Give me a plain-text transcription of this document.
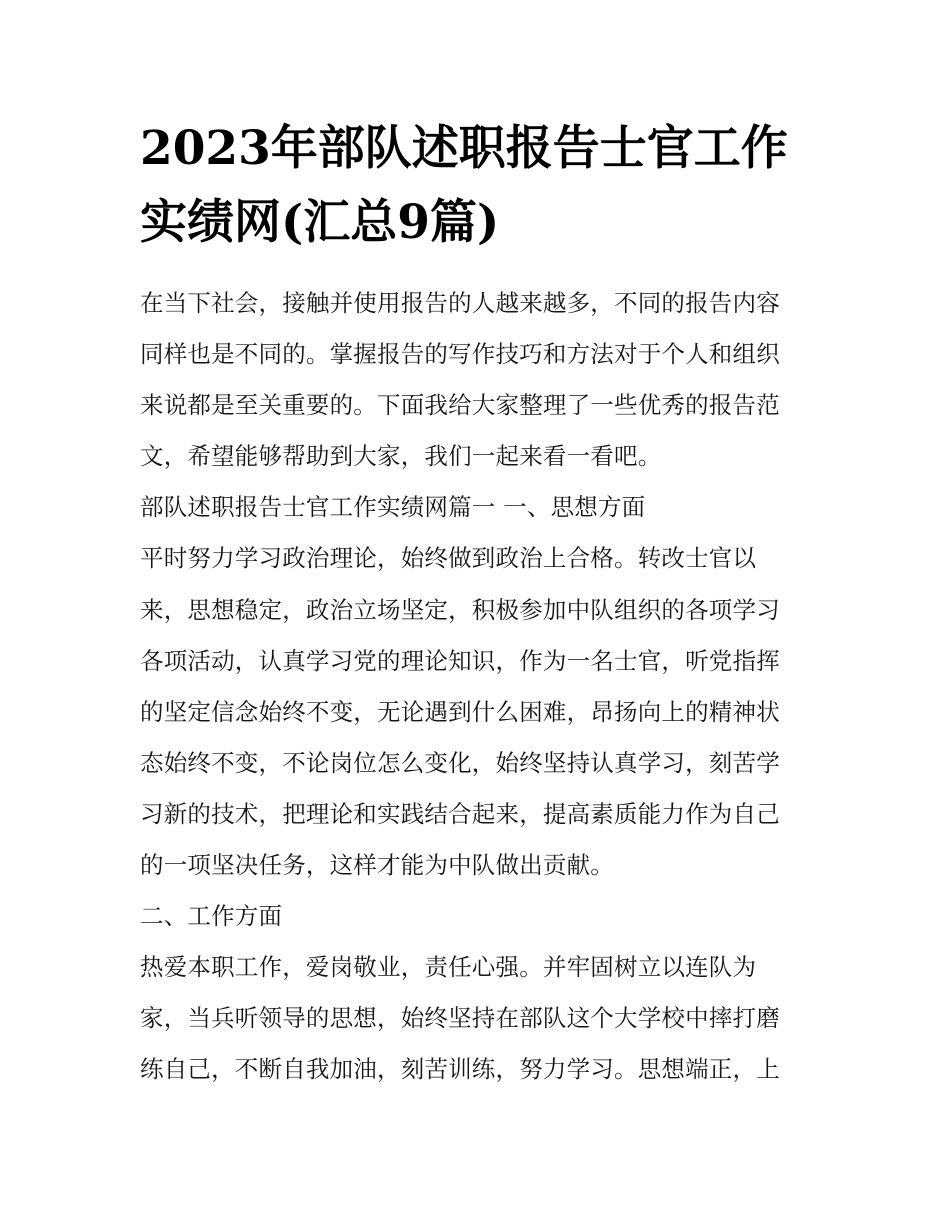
2023年部队述职报告士官工作
实绩网(汇总9篇)
在当下社会，接触并使用报告的人越来越多，不同的报告内容
同样也是不同的。掌握报告的写作技巧和方法对于个人和组织
来说都是至关重要的。下面我给大家整理了一些优秀的报告范
文，希望能够帮助到大家，我们一起来看一看吧。
部队述职报告士官工作实绩网篇一 一、思想方面
平时努力学习政治理论，始终做到政治上合格。转改士官以
来，思想稳定，政治立场坚定，积极参加中队组织的各项学习
各项活动，认真学习党的理论知识，作为一名士官，听党指挥
的坚定信念始终不变，无论遇到什么困难，昂扬向上的精神状
态始终不变，不论岗位怎么变化，始终坚持认真学习，刻苦学
习新的技术，把理论和实践结合起来，提高素质能力作为自己
的一项坚决任务，这样才能为中队做出贡献。
二、工作方面
热爱本职工作，爱岗敬业，责任心强。并牢固树立以连队为
家，当兵听领导的思想，始终坚持在部队这个大学校中摔打磨
练自己，不断自我加油，刻苦训练，努力学习。思想端正，上
